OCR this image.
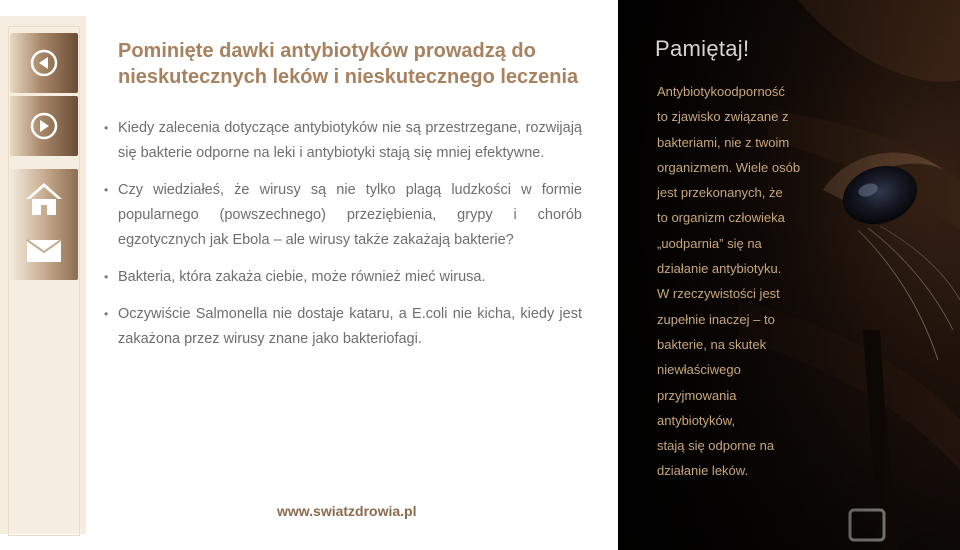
Pominięte dawki antybiotyków prowadzą do nieskutecznych leków i nieskutecznego leczenia
• Kiedy zalecenia dotyczące antybiotyków nie są przestrzegane, rozwijają się bakterie odporne na leki i antybiotyki stają się mniej efektywne.
• Czy wiedziałeś, że wirusy są nie tylko plagą ludzkości w formie popularnego (powszechnego) przeziębienia, grypy i chorób egzotycznych jak Ebola – ale wirusy także zakażają bakterie?
• Bakteria, która zakaża ciebie, może również mieć wirusa.
• Oczywiście Salmonella nie dostaje kataru, a E.coli nie kicha, kiedy jest zakażona przez wirusy znane jako bakteriofagi.
www.swiatzdrowia.pl
Pamiętaj!
Antybiotykoodporność
to zjawisko związane z
bakteriami, nie z twoim
organizmem. Wiele osób
jest przekonanych, że
to organizm człowieka
„uodparnia” się na
działanie antybiotyku.
W rzeczywistości jest
zupełnie inaczej – to
bakterie, na skutek
niewłaściwego
przyjmowania
antybiotyków,
stają się odporne na
działanie leków.
